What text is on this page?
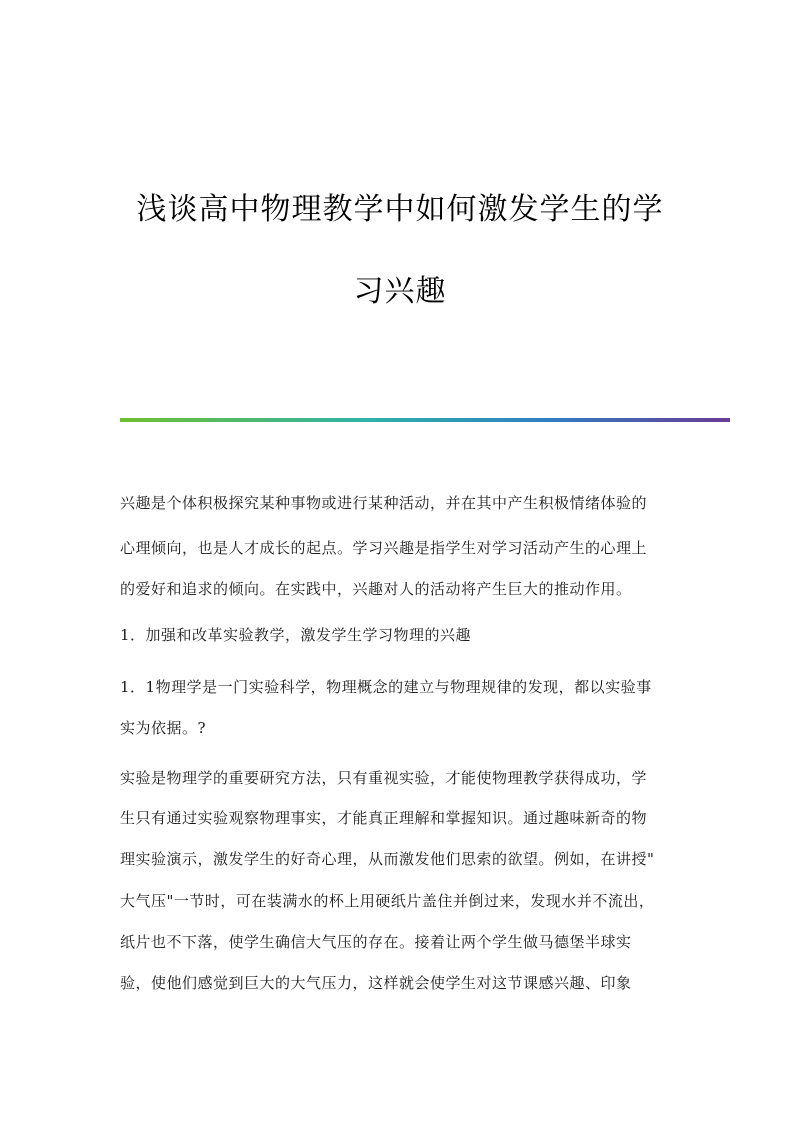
浅谈高中物理教学中如何激发学生的学
习兴趣
兴趣是个体积极探究某种事物或进行某种活动，并在其中产生积极情绪体验的
心理倾向，也是人才成长的起点。学习兴趣是指学生对学习活动产生的心理上
的爱好和追求的倾向。在实践中，兴趣对人的活动将产生巨大的推动作用。
1．加强和改革实验教学，激发学生学习物理的兴趣
1．1物理学是一门实验科学，物理概念的建立与物理规律的发现，都以实验事
实为依据。?
实验是物理学的重要研究方法，只有重视实验，才能使物理教学获得成功，学
生只有通过实验观察物理事实，才能真正理解和掌握知识。通过趣味新奇的物
理实验演示，激发学生的好奇心理，从而激发他们思索的欲望。例如，在讲授"
大气压"一节时，可在装满水的杯上用硬纸片盖住并倒过来，发现水并不流出，
纸片也不下落，使学生确信大气压的存在。接着让两个学生做马德堡半球实
验，使他们感觉到巨大的大气压力，这样就会使学生对这节课感兴趣、印象
